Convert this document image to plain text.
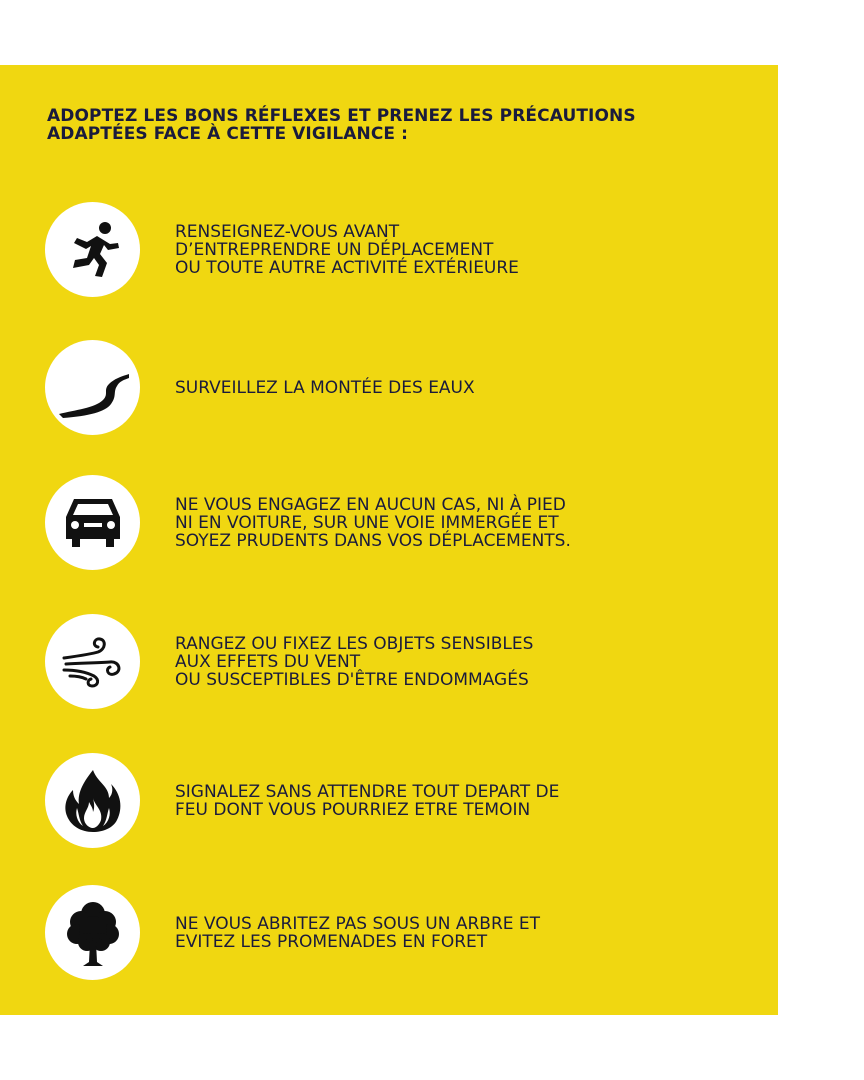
ADOPTEZ LES BONS RÉFLEXES ET PRENEZ LES PRÉCAUTIONS
ADAPTÉES FACE À CETTE VIGILANCE :
RENSEIGNEZ-VOUS AVANT
D’ENTREPRENDRE UN DÉPLACEMENT
OU TOUTE AUTRE ACTIVITÉ EXTÉRIEURE
SURVEILLEZ LA MONTÉE DES EAUX
NE VOUS ENGAGEZ EN AUCUN CAS, NI À PIED
NI EN VOITURE, SUR UNE VOIE IMMERGÉE ET
SOYEZ PRUDENTS DANS VOS DÉPLACEMENTS.
RANGEZ OU FIXEZ LES OBJETS SENSIBLES
AUX EFFETS DU VENT
OU SUSCEPTIBLES D'ÊTRE ENDOMMAGÉS
SIGNALEZ SANS ATTENDRE TOUT DEPART DE
FEU DONT VOUS POURRIEZ ETRE TEMOIN
NE VOUS ABRITEZ PAS SOUS UN ARBRE ET
EVITEZ LES PROMENADES EN FORET
